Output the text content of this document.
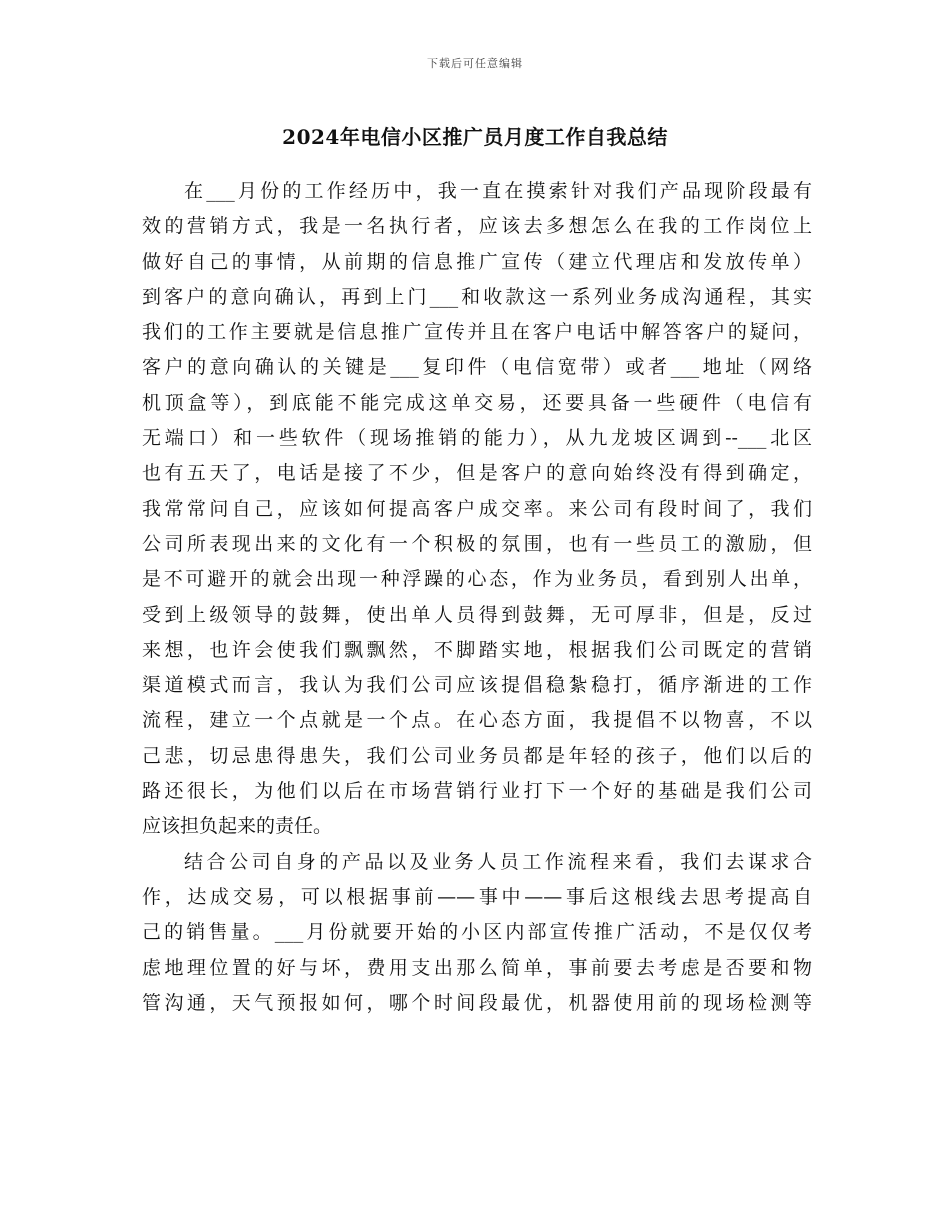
下载后可任意编辑
2024年电信小区推广员月度工作自我总结
在___月份的工作经历中，我一直在摸索针对我们产品现阶段最有
效的营销方式，我是一名执行者，应该去多想怎么在我的工作岗位上
做好自己的事情，从前期的信息推广宣传（建立代理店和发放传单）
到客户的意向确认，再到上门___和收款这一系列业务成沟通程，其实
我们的工作主要就是信息推广宣传并且在客户电话中解答客户的疑问，
客户的意向确认的关键是___复印件（电信宽带）或者___地址（网络
机顶盒等），到底能不能完成这单交易，还要具备一些硬件（电信有
无端口）和一些软件（现场推销的能力），从九龙坡区调到--___北区
也有五天了，电话是接了不少，但是客户的意向始终没有得到确定，
我常常问自己，应该如何提高客户成交率。来公司有段时间了，我们
公司所表现出来的文化有一个积极的氛围，也有一些员工的激励，但
是不可避开的就会出现一种浮躁的心态，作为业务员，看到别人出单，
受到上级领导的鼓舞，使出单人员得到鼓舞，无可厚非，但是，反过
来想，也许会使我们飘飘然，不脚踏实地，根据我们公司既定的营销
渠道模式而言，我认为我们公司应该提倡稳紮稳打，循序渐进的工作
流程，建立一个点就是一个点。在心态方面，我提倡不以物喜，不以
己悲，切忌患得患失，我们公司业务员都是年轻的孩子，他们以后的
路还很长，为他们以后在市场营销行业打下一个好的基础是我们公司
应该担负起来的责任。
结合公司自身的产品以及业务人员工作流程来看，我们去谋求合
作，达成交易，可以根据事前——事中——事后这根线去思考提高自
己的销售量。___月份就要开始的小区内部宣传推广活动，不是仅仅考
虑地理位置的好与坏，费用支出那么简单，事前要去考虑是否要和物
管沟通，天气预报如何，哪个时间段最优，机器使用前的现场检测等
